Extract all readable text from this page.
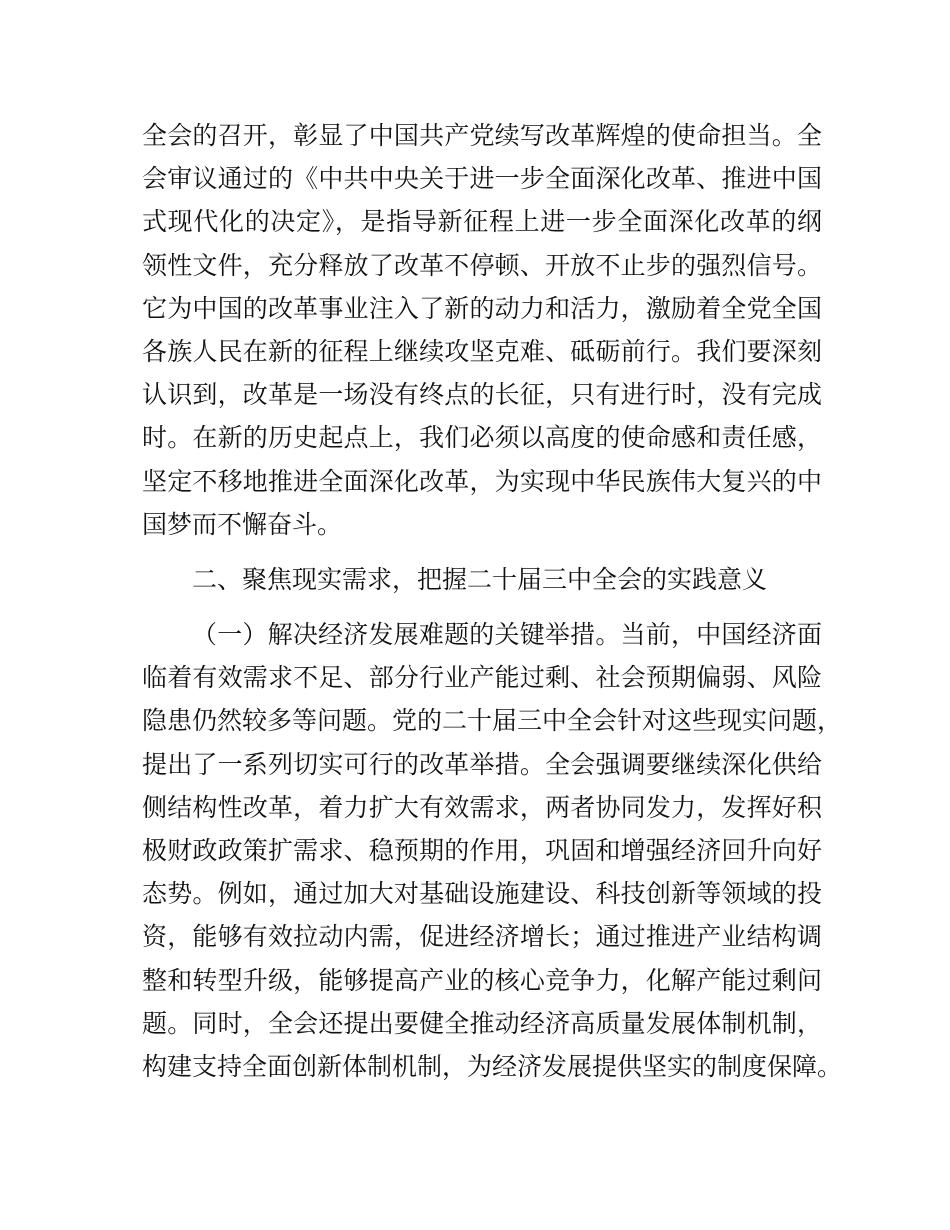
全会的召开，彰显了中国共产党续写改革辉煌的使命担当。全
会审议通过的《中共中央关于进一步全面深化改革、推进中国
式现代化的决定》，是指导新征程上进一步全面深化改革的纲
领性文件，充分释放了改革不停顿、开放不止步的强烈信号。
它为中国的改革事业注入了新的动力和活力，激励着全党全国
各族人民在新的征程上继续攻坚克难、砥砺前行。我们要深刻
认识到，改革是一场没有终点的长征，只有进行时，没有完成
时。在新的历史起点上，我们必须以高度的使命感和责任感，
坚定不移地推进全面深化改革，为实现中华民族伟大复兴的中
国梦而不懈奋斗。
二、聚焦现实需求，把握二十届三中全会的实践意义
（一）解决经济发展难题的关键举措。当前，中国经济面
临着有效需求不足、部分行业产能过剩、社会预期偏弱、风险
隐患仍然较多等问题。党的二十届三中全会针对这些现实问题，
提出了一系列切实可行的改革举措。全会强调要继续深化供给
侧结构性改革，着力扩大有效需求，两者协同发力，发挥好积
极财政政策扩需求、稳预期的作用，巩固和增强经济回升向好
态势。例如，通过加大对基础设施建设、科技创新等领域的投
资，能够有效拉动内需，促进经济增长；通过推进产业结构调
整和转型升级，能够提高产业的核心竞争力，化解产能过剩问
题。同时，全会还提出要健全推动经济高质量发展体制机制，
构建支持全面创新体制机制，为经济发展提供坚实的制度保障。
